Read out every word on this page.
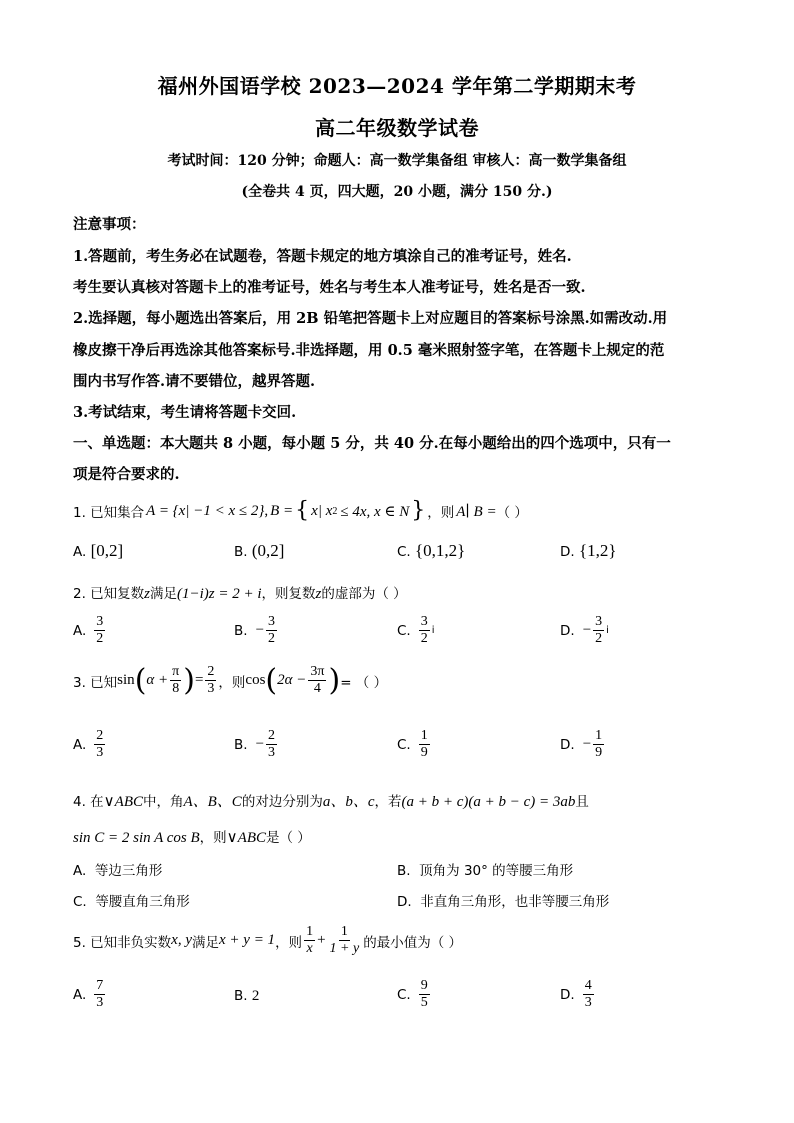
福州外国语学校 2023—2024 学年第二学期期末考
高二年级数学试卷
考试时间：120 分钟；命题人：高一数学集备组 审核人：高一数学集备组
(全卷共 4 页，四大题，20 小题，满分 150 分.)
注意事项：
1.答题前，考生务必在试题卷，答题卡规定的地方填涂自己的准考证号，姓名.
考生要认真核对答题卡上的准考证号，姓名与考生本人准考证号，姓名是否一致.
2.选择题，每小题选出答案后，用 2B 铅笔把答题卡上对应题目的答案标号涂黑.如需改动.用
橡皮擦干净后再选涂其他答案标号.非选择题，用 0.5 毫米照射签字笔，在答题卡上规定的范
围内书写作答.请不要错位，越界答题.
3.考试结束，考生请将答题卡交回.
一、单选题：本大题共 8 小题，每小题 5 分，共 40 分.在每小题给出的四个选项中，只有一
项是符合要求的.
1. 已知集合 A = {x| −1 < x ≤ 2} , B = { x| x 2 ≤ 4x, x ∈ N } ，则 A∣ B = （ ）
A. [0,2]	B. (0,2]	C. {0,1,2}	D. {1,2}
2. 已知复数z满足(1−i)z = 2 + i，则复数z的虚部为（ ）
A. $\frac{3}{2}$	B. − $\frac{3}{2}$	C. $\frac{3}{2}$ i	D. − $\frac{3}{2}$ i
3. 已知 sin ( $\alpha + \frac{\pi}{8}$ ) = $\frac{2}{3}$ ，则 cos ( $2\alpha - \frac{3\pi}{4}$ ) = （ ）
A. $\frac{2}{3}$	B. − $\frac{2}{3}$	C. $\frac{1}{9}$	D. − $\frac{1}{9}$
4. 在∨ABC中，角A、B、C的对边分别为a、b、c，若(a + b + c)(a + b − c) = 3ab且
sin C = 2 sin A cos B，则∨ABC是（ ）
A. 等边三角形	B. 顶角为 30° 的等腰三角形
C. 等腰直角三角形	D. 非直角三角形，也非等腰三角形
5. 已知非负实数 x, y 满足 x + y = 1 ，则 $\frac{1}{x} + \frac{1}{1 + y}$ 的最小值为（ ）
A. $\frac{7}{3}$	B. 2	C. $\frac{9}{5}$	D. $\frac{4}{3}$
